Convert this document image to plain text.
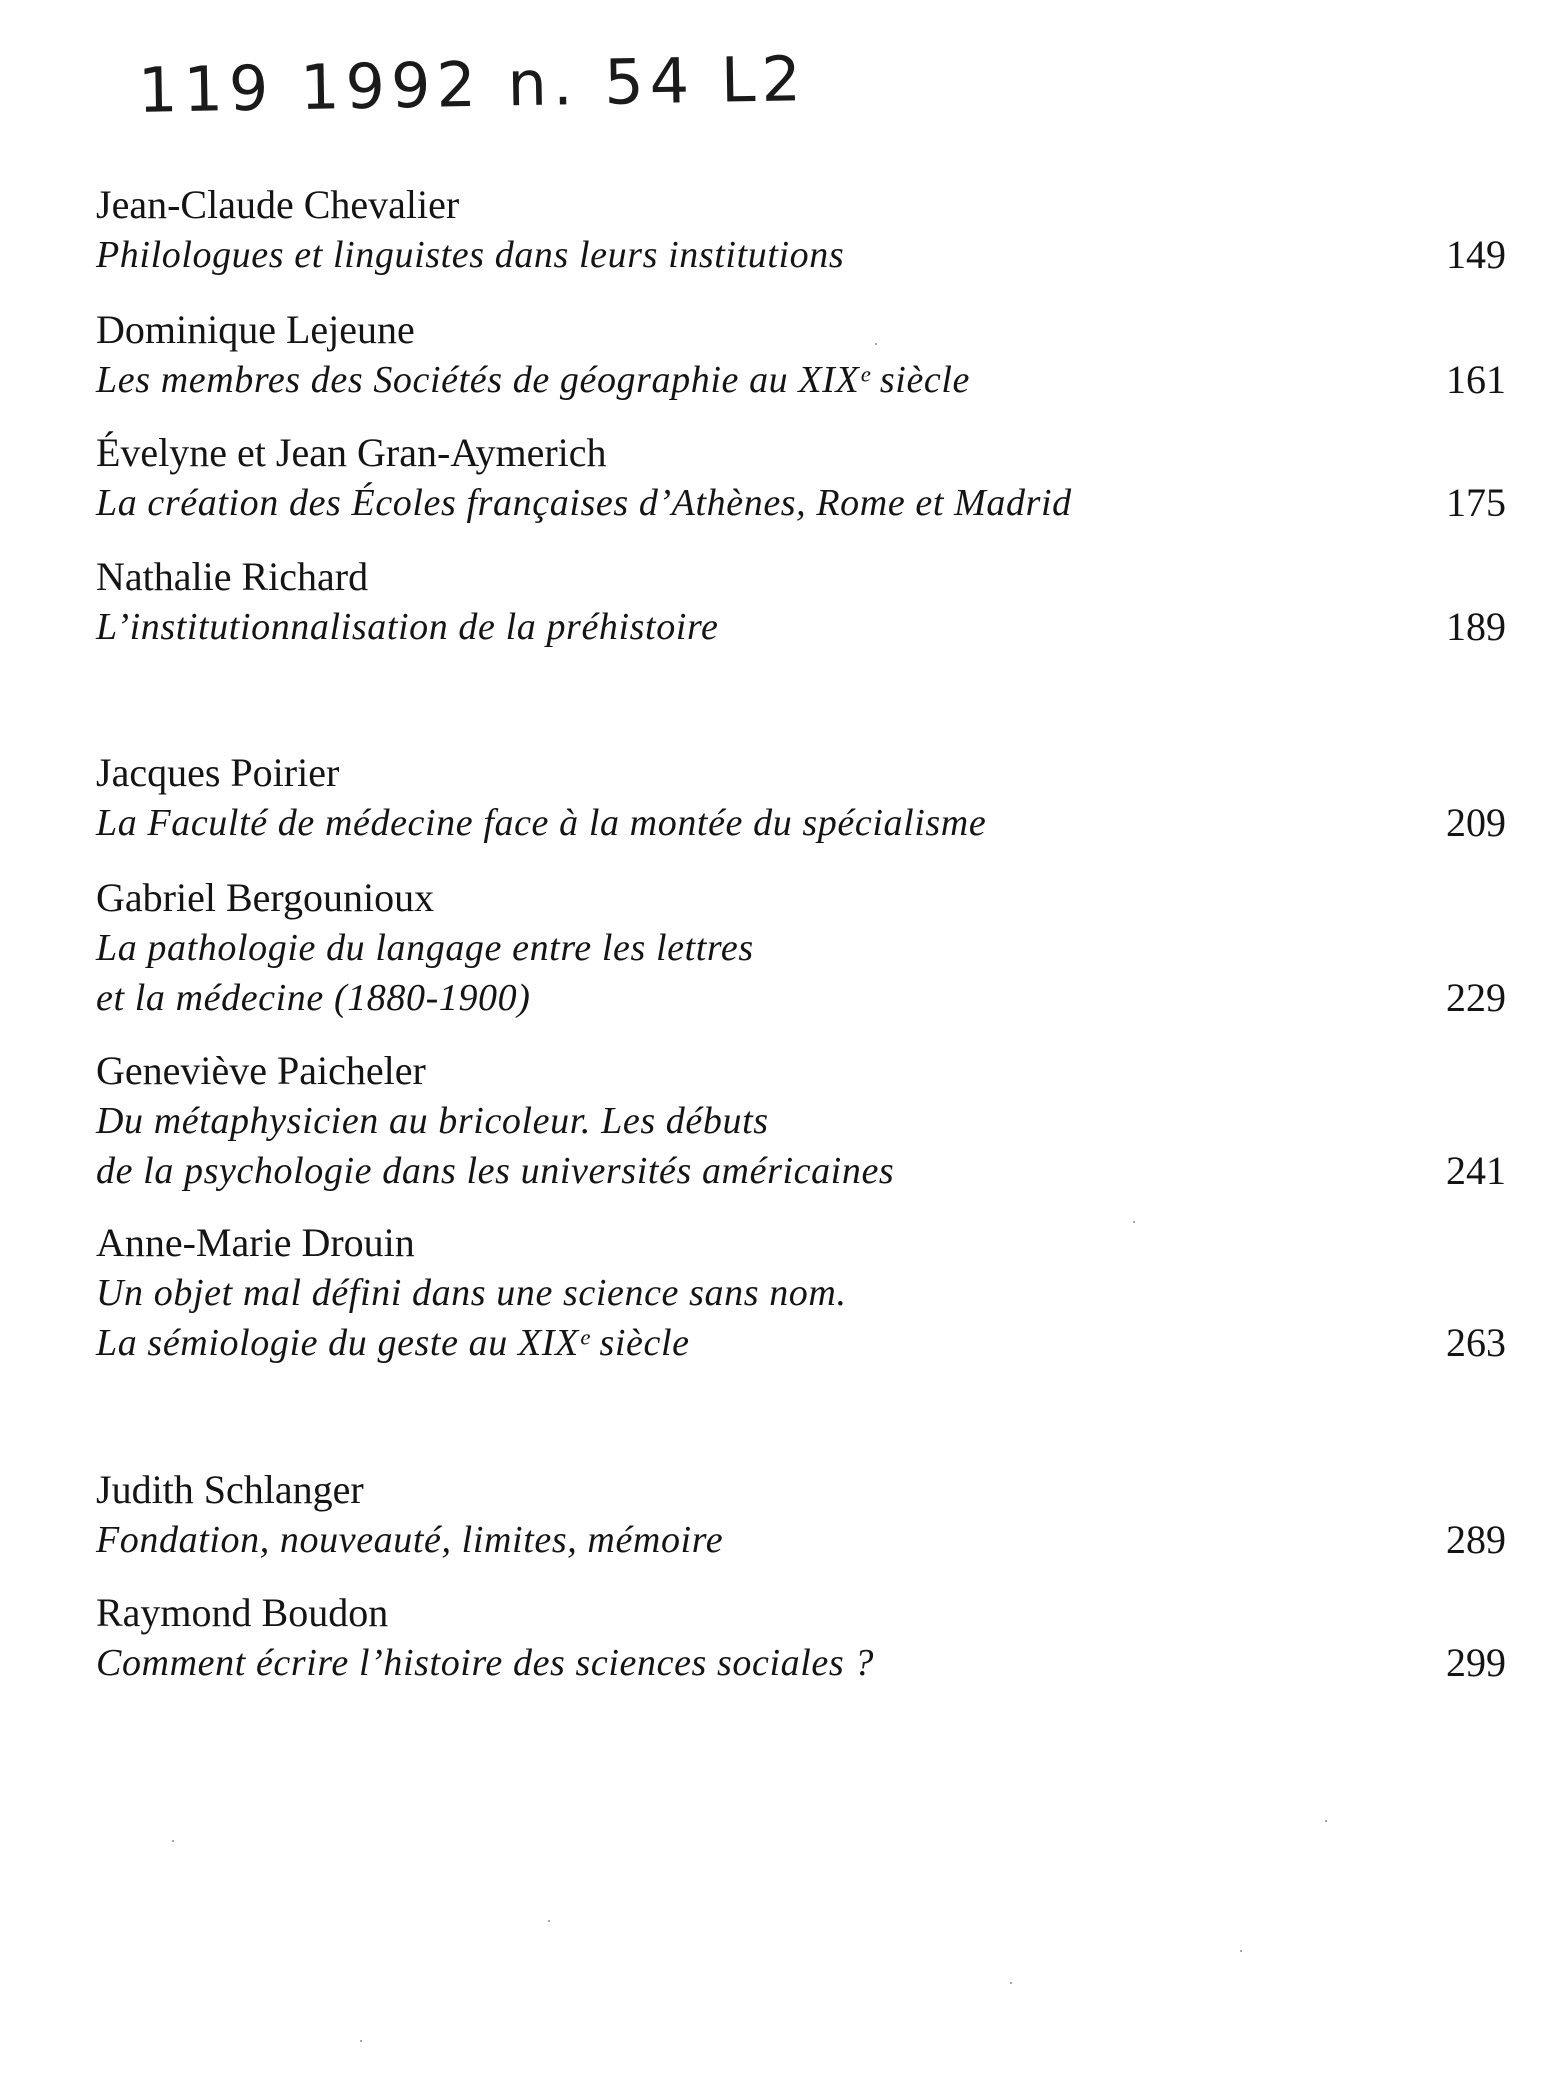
119 1992 n. 54 L2
Jean-Claude Chevalier
Philologues et linguistes dans leurs institutions	149
Dominique Lejeune
Les membres des Sociétés de géographie au XIXᵉ siècle	161
Évelyne et Jean Gran-Aymerich
La création des Écoles françaises d’Athènes, Rome et Madrid	175
Nathalie Richard
L’institutionnalisation de la préhistoire	189
Jacques Poirier
La Faculté de médecine face à la montée du spécialisme	209
Gabriel Bergounioux
La pathologie du langage entre les lettres
et la médecine (1880-1900)	229
Geneviève Paicheler
Du métaphysicien au bricoleur. Les débuts
de la psychologie dans les universités américaines	241
Anne-Marie Drouin
Un objet mal défini dans une science sans nom.
La sémiologie du geste au XIXᵉ siècle	263
Judith Schlanger
Fondation, nouveauté, limites, mémoire	289
Raymond Boudon
Comment écrire l’histoire des sciences sociales ?	299
